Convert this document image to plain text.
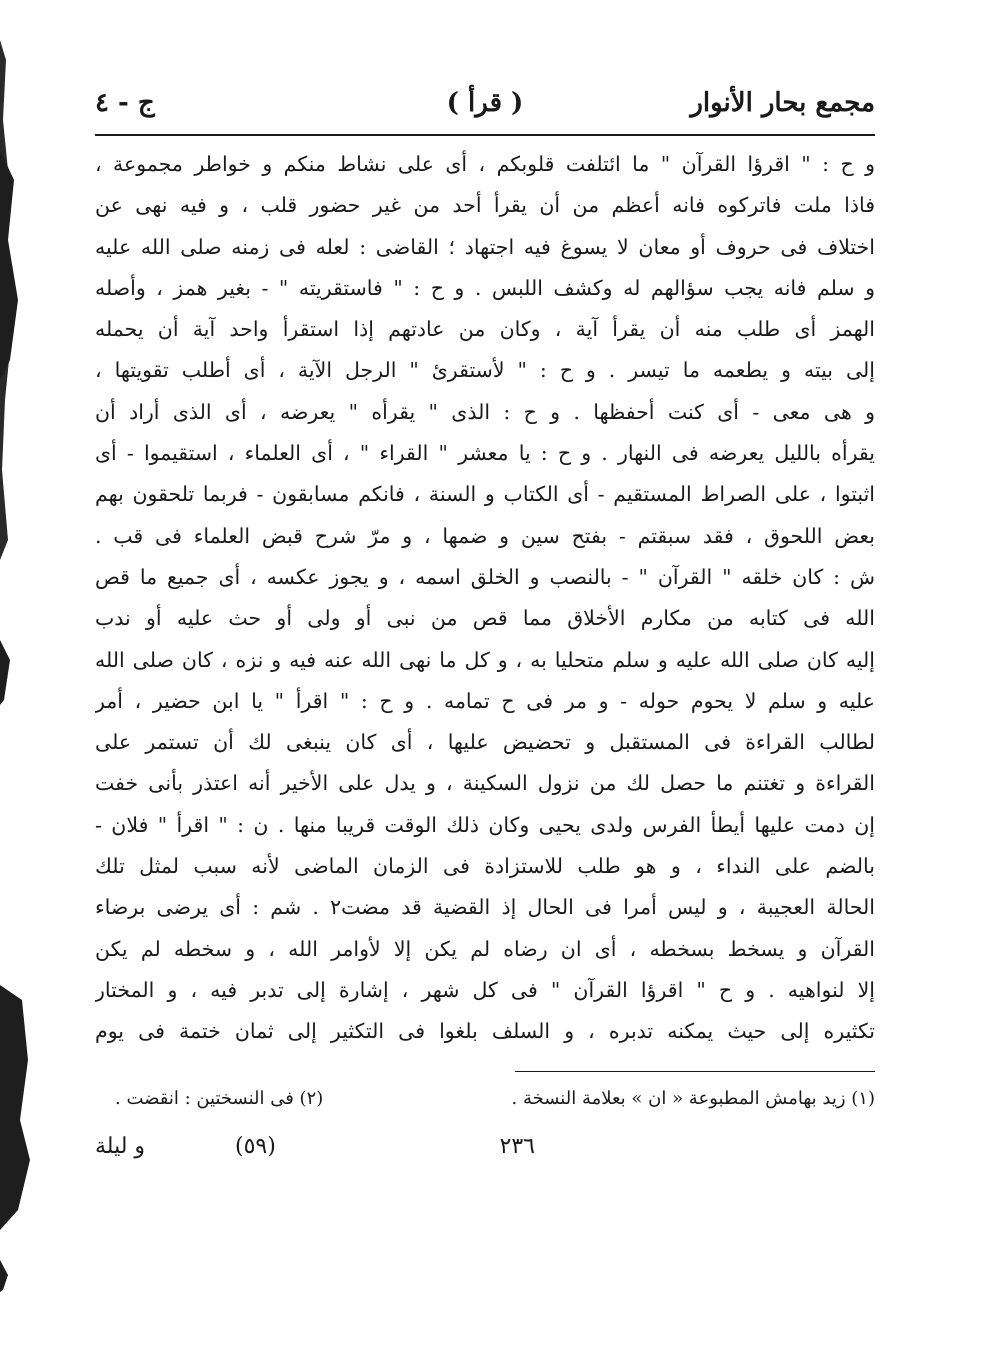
مجمع بحار الأنوار
( قرأ )
ج - ٤
و ح : " اقرؤا القرآن " ما ائتلفت قلوبكم ، أى على نشاط منكم و خواطر مجموعة ،
فاذا ملت فاتركوه فانه أعظم من أن يقرأ أحد من غير حضور قلب ، و فيه نهى عن
اختلاف فى حروف أو معان لا يسوغ فيه اجتهاد ؛ القاضى : لعله فى زمنه صلى الله عليه
و سلم فانه يجب سؤالهم له وكشف اللبس . و ح : " فاستقريته " - بغير همز ، وأصله
الهمز أى طلب منه أن يقرأ آية ، وكان من عادتهم إذا استقرأ واحد آية أن يحمله
إلى بيته و يطعمه ما تيسر . و ح : " لأستقرئ " الرجل الآية ، أى أطلب تقويتها ،
و هى معى - أى كنت أحفظها . و ح : الذى " يقرأه " يعرضه ، أى الذى أراد أن
يقرأه بالليل يعرضه فى النهار . و ح : يا معشر " القراء " ، أى العلماء ، استقيموا - أى
اثبتوا ، على الصراط المستقيم - أى الكتاب و السنة ، فانكم مسابقون - فربما تلحقون بهم
بعض اللحوق ، فقد سبقتم - بفتح سين و ضمها ، و مرّ شرح قبض العلماء فى قب .
ش : كان خلقه " القرآن " - بالنصب و الخلق اسمه ، و يجوز عكسه ، أى جميع ما قص
الله فى كتابه من مكارم الأخلاق مما قص من نبى أو ولى أو حث عليه أو ندب
إليه كان صلى الله عليه و سلم متحليا به ، و كل ما نهى الله عنه فيه و نزه ، كان صلى الله
عليه و سلم لا يحوم حوله - و مر فى ح تمامه . و ح : " اقرأ " يا ابن حضير ، أمر
لطالب القراءة فى المستقبل و تحضيض عليها ، أى كان ينبغى لك أن تستمر على
القراءة و تغتنم ما حصل لك من نزول السكينة ، و يدل على الأخير أنه اعتذر بأنى خفت
إن دمت عليها أيطأ الفرس ولدى يحيى وكان ذلك الوقت قريبا منها . ن : " اقرأ " فلان -
بالضم على النداء ، و هو طلب للاستزادة فى الزمان الماضى لأنه سبب لمثل تلك
الحالة العجيبة ، و ليس أمرا فى الحال إذ القضية قد مضت٢ . شم : أى يرضى برضاء
القرآن و يسخط بسخطه ، أى ان رضاه لم يكن إلا لأوامر الله ، و سخطه لم يكن
إلا لنواهيه . و ح " اقرؤا القرآن " فى كل شهر ، إشارة إلى تدبر فيه ، و المختار
تكثيره إلى حيث يمكنه تدبره ، و السلف بلغوا فى التكثير إلى ثمان ختمة فى يوم
(١) زيد بهامش المطبوعة « ان » بعلامة النسخة .
(٢) فى النسختين : انقضت .
٢٣٦
(٥٩)
و ليلة
